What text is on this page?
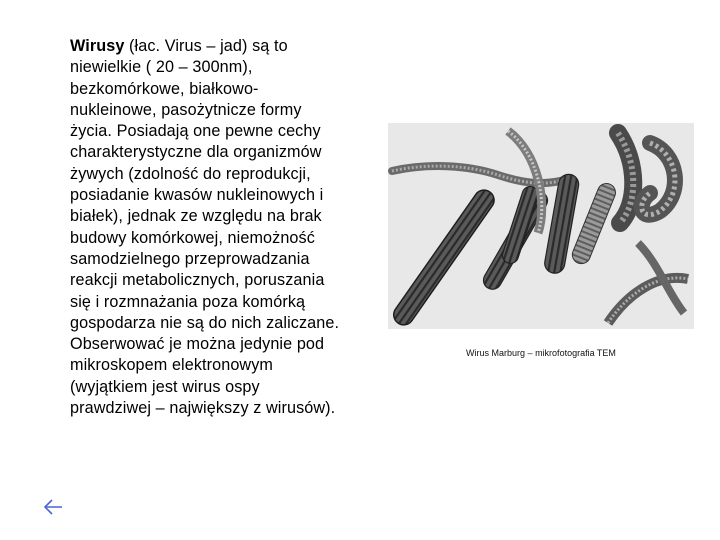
Wirusy (łac. Virus – jad) są to
niewielkie ( 20 – 300nm),
bezkomórkowe, białkowo-
nukleinowe, pasożytnicze formy
życia. Posiadają one pewne cechy
charakterystyczne dla organizmów
żywych (zdolność do reprodukcji,
posiadanie kwasów nukleinowych i
białek), jednak ze względu na brak
budowy komórkowej, niemożność
samodzielnego przeprowadzania
reakcji metabolicznych, poruszania
się i rozmnażania poza komórką
gospodarza nie są do nich zaliczane.
Obserwować je można jedynie pod
mikroskopem elektronowym
(wyjątkiem jest wirus ospy
prawdziwej – największy z wirusów).
Wirus Marburg – mikrofotografia TEM
